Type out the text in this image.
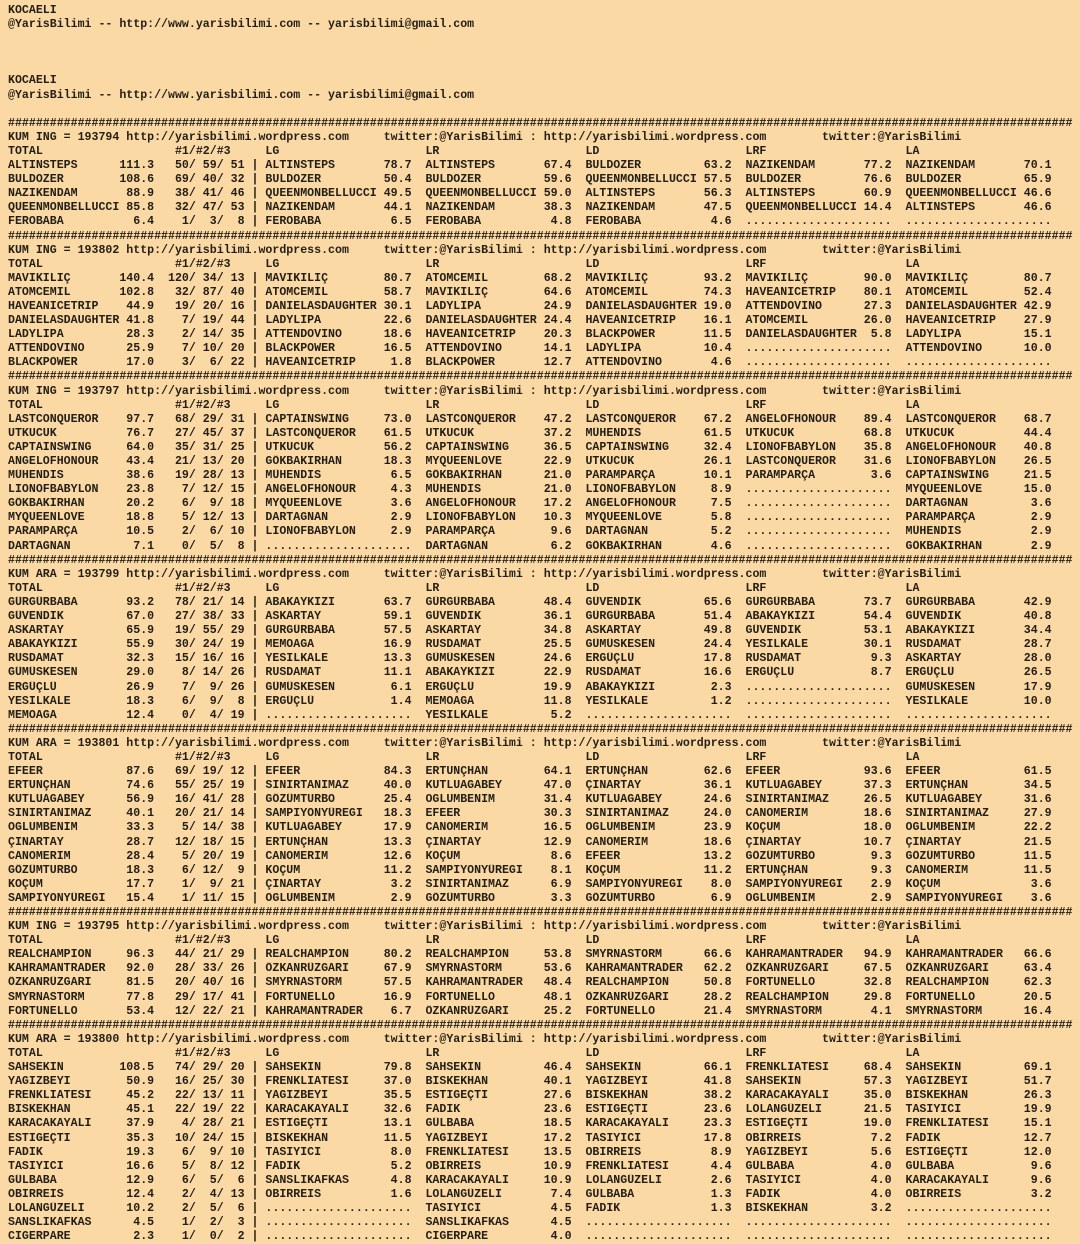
KOCAELI
@YarisBilimi -- http://www.yarisbilimi.com -- yarisbilimi@gmail.com
KOCAELI
@YarisBilimi -- http://www.yarisbilimi.com -- yarisbilimi@gmail.com
#########################################################################################################################################################
KUM ING = 193794 http://yarisbilimi.wordpress.com     twitter:@YarisBilimi : http://yarisbilimi.wordpress.com        twitter:@YarisBilimi
TOTAL                   #1/#2/#3     LG                     LR                     LD                     LRF                    LA
ALTINSTEPS      111.3   50/ 59/ 51 | ALTINSTEPS       78.7  ALTINSTEPS       67.4  BULDOZER         63.2  NAZIKENDAM       77.2  NAZIKENDAM       70.1
BULDOZER        108.6   69/ 40/ 32 | BULDOZER         50.4  BULDOZER         59.6  QUEENMONBELLUCCI 57.5  BULDOZER         76.6  BULDOZER         65.9
NAZIKENDAM       88.9   38/ 41/ 46 | QUEENMONBELLUCCI 49.5  QUEENMONBELLUCCI 59.0  ALTINSTEPS       56.3  ALTINSTEPS       60.9  QUEENMONBELLUCCI 46.6
QUEENMONBELLUCCI 85.8   32/ 47/ 53 | NAZIKENDAM       44.1  NAZIKENDAM       38.3  NAZIKENDAM       47.5  QUEENMONBELLUCCI 14.4  ALTINSTEPS       46.6
FEROBABA          6.4    1/  3/  8 | FEROBABA          6.5  FEROBABA          4.8  FEROBABA          4.6  .....................  .....................
#########################################################################################################################################################
KUM ING = 193802 http://yarisbilimi.wordpress.com     twitter:@YarisBilimi : http://yarisbilimi.wordpress.com        twitter:@YarisBilimi
TOTAL                   #1/#2/#3     LG                     LR                     LD                     LRF                    LA
MAVIKILIÇ       140.4  120/ 34/ 13 | MAVIKILIÇ        80.7  ATOMCEMIL        68.2  MAVIKILIÇ        93.2  MAVIKILIÇ        90.0  MAVIKILIÇ        80.7
ATOMCEMIL       102.8   32/ 87/ 40 | ATOMCEMIL        58.7  MAVIKILIÇ        64.6  ATOMCEMIL        74.3  HAVEANICETRIP    80.1  ATOMCEMIL        52.4
HAVEANICETRIP    44.9   19/ 20/ 16 | DANIELASDAUGHTER 30.1  LADYLIPA         24.9  DANIELASDAUGHTER 19.0  ATTENDOVINO      27.3  DANIELASDAUGHTER 42.9
DANIELASDAUGHTER 41.8    7/ 19/ 44 | LADYLIPA         22.6  DANIELASDAUGHTER 24.4  HAVEANICETRIP    16.1  ATOMCEMIL        26.0  HAVEANICETRIP    27.9
LADYLIPA         28.3    2/ 14/ 35 | ATTENDOVINO      18.6  HAVEANICETRIP    20.3  BLACKPOWER       11.5  DANIELASDAUGHTER  5.8  LADYLIPA         15.1
ATTENDOVINO      25.9    7/ 10/ 20 | BLACKPOWER       16.5  ATTENDOVINO      14.1  LADYLIPA         10.4  .....................  ATTENDOVINO      10.0
BLACKPOWER       17.0    3/  6/ 22 | HAVEANICETRIP     1.8  BLACKPOWER       12.7  ATTENDOVINO       4.6  .....................  .....................
#########################################################################################################################################################
KUM ING = 193797 http://yarisbilimi.wordpress.com     twitter:@YarisBilimi : http://yarisbilimi.wordpress.com        twitter:@YarisBilimi
TOTAL                   #1/#2/#3     LG                     LR                     LD                     LRF                    LA
LASTCONQUEROR    97.7   68/ 29/ 31 | CAPTAINSWING     73.0  LASTCONQUEROR    47.2  LASTCONQUEROR    67.2  ANGELOFHONOUR    89.4  LASTCONQUEROR    68.7
UTKUCUK          76.7   27/ 45/ 37 | LASTCONQUEROR    61.5  UTKUCUK          37.2  MÜHENDIS         61.5  UTKUCUK          68.8  UTKUCUK          44.4
CAPTAINSWING     64.0   35/ 31/ 25 | UTKUCUK          56.2  CAPTAINSWING     36.5  CAPTAINSWING     32.4  LIONOFBABYLON    35.8  ANGELOFHONOUR    40.8
ANGELOFHONOUR    43.4   21/ 13/ 20 | GÖKBAKIRHAN      18.3  MYQUEENLOVE      22.9  UTKUCUK          26.1  LASTCONQUEROR    31.6  LIONOFBABYLON    26.5
MÜHENDIS         38.6   19/ 28/ 13 | MÜHENDIS          6.5  GÖKBAKIRHAN      21.0  PARAMPARÇA       10.1  PARAMPARÇA        3.6  CAPTAINSWING     21.5
LIONOFBABYLON    23.8    7/ 12/ 15 | ANGELOFHONOUR     4.3  MÜHENDIS         21.0  LIONOFBABYLON     8.9  .....................  MYQUEENLOVE      15.0
GÖKBAKIRHAN      20.2    6/  9/ 18 | MYQUEENLOVE       3.6  ANGELOFHONOUR    17.2  ANGELOFHONOUR     7.5  .....................  DARTAGNAN         3.6
MYQUEENLOVE      18.8    5/ 12/ 13 | DARTAGNAN         2.9  LIONOFBABYLON    10.3  MYQUEENLOVE       5.8  .....................  PARAMPARÇA        2.9
PARAMPARÇA       10.5    2/  6/ 10 | LIONOFBABYLON     2.9  PARAMPARÇA        9.6  DARTAGNAN         5.2  .....................  MÜHENDIS          2.9
DARTAGNAN         7.1    0/  5/  8 | .....................  DARTAGNAN         6.2  GÖKBAKIRHAN       4.6  .....................  GÖKBAKIRHAN       2.9
#########################################################################################################################################################
KUM ARA = 193799 http://yarisbilimi.wordpress.com     twitter:@YarisBilimi : http://yarisbilimi.wordpress.com        twitter:@YarisBilimi
TOTAL                   #1/#2/#3     LG                     LR                     LD                     LRF                    LA
GÜRGÜRBABA       93.2   78/ 21/ 14 | ABAKAYKIZI       63.7  GÜRGÜRBABA       48.4  GÜVENDIK         65.6  GÜRGÜRBABA       73.7  GÜRGÜRBABA       42.9
GÜVENDIK         67.0   27/ 38/ 33 | ASKARTAY         59.1  GÜVENDIK         36.1  GÜRGÜRBABA       51.4  ABAKAYKIZI       54.4  GÜVENDIK         40.8
ASKARTAY         65.9   19/ 55/ 29 | GÜRGÜRBABA       57.5  ASKARTAY         34.8  ASKARTAY         49.8  GÜVENDIK         53.1  ABAKAYKIZI       34.4
ABAKAYKIZI       55.9   30/ 24/ 19 | MEMOAGA          16.9  RUSDAMAT         25.5  GÜMÜSKESEN       24.4  YESILKALE        30.1  RUSDAMAT         28.7
RUSDAMAT         32.3   15/ 16/ 16 | YESILKALE        13.3  GÜMÜSKESEN       24.6  ERGÜÇLÜ          17.8  RUSDAMAT          9.3  ASKARTAY         28.0
GÜMÜSKESEN       29.0    8/ 14/ 26 | RUSDAMAT         11.1  ABAKAYKIZI       22.9  RUSDAMAT         16.6  ERGÜÇLÜ           8.7  ERGÜÇLÜ          26.5
ERGÜÇLÜ          26.9    7/  9/ 26 | GÜMÜSKESEN        6.1  ERGÜÇLÜ          19.9  ABAKAYKIZI        2.3  .....................  GÜMÜSKESEN       17.9
YESILKALE        18.3    6/  9/  8 | ERGÜÇLÜ           1.4  MEMOAGA          11.8  YESILKALE         1.2  .....................  YESILKALE        10.0
MEMOAGA          12.4    0/  4/ 19 | .....................  YESILKALE         5.2  .....................  .....................  .....................
#########################################################################################################################################################
KUM ARA = 193801 http://yarisbilimi.wordpress.com     twitter:@YarisBilimi : http://yarisbilimi.wordpress.com        twitter:@YarisBilimi
TOTAL                   #1/#2/#3     LG                     LR                     LD                     LRF                    LA
EFEER            87.6   69/ 19/ 12 | EFEER            84.3  ERTUNÇHAN        64.1  ERTUNÇHAN        62.6  EFEER            93.6  EFEER            61.5
ERTUNÇHAN        74.6   55/ 25/ 19 | SINIRTANIMAZ     40.0  KUTLUAGABEY      47.0  ÇINARTAY         36.1  KUTLUAGABEY      37.3  ERTUNÇHAN        34.5
KUTLUAGABEY      56.9   16/ 41/ 28 | GÖZÜMTURBO       25.4  OGLUMBENIM       31.4  KUTLUAGABEY      24.6  SINIRTANIMAZ     26.5  KUTLUAGABEY      31.6
SINIRTANIMAZ     40.1   20/ 21/ 14 | SAMPIYONYÜREGI   18.3  EFEER            30.3  SINIRTANIMAZ     24.0  CANOMERIM        18.6  SINIRTANIMAZ     27.9
OGLUMBENIM       33.3    5/ 14/ 38 | KUTLUAGABEY      17.9  CANOMERIM        16.5  OGLUMBENIM       23.9  KOÇUM            18.0  OGLUMBENIM       22.2
ÇINARTAY         28.7   12/ 18/ 15 | ERTUNÇHAN        13.3  ÇINARTAY         12.9  CANOMERIM        18.6  ÇINARTAY         10.7  ÇINARTAY         21.5
CANOMERIM        28.4    5/ 20/ 19 | CANOMERIM        12.6  KOÇUM             8.6  EFEER            13.2  GÖZÜMTURBO        9.3  GÖZÜMTURBO       11.5
GÖZÜMTURBO       18.3    6/ 12/  9 | KOÇUM            11.2  SAMPIYONYÜREGI    8.1  KOÇUM            11.2  ERTUNÇHAN         9.3  CANOMERIM        11.5
KOÇUM            17.7    1/  9/ 21 | ÇINARTAY          3.2  SINIRTANIMAZ      6.9  SAMPIYONYÜREGI    8.0  SAMPIYONYÜREGI    2.9  KOÇUM             3.6
SAMPIYONYÜREGI   15.4    1/ 11/ 15 | OGLUMBENIM        2.9  GÖZÜMTURBO        3.3  GÖZÜMTURBO        6.9  OGLUMBENIM        2.9  SAMPIYONYÜREGI    3.6
#########################################################################################################################################################
KUM ING = 193795 http://yarisbilimi.wordpress.com     twitter:@YarisBilimi : http://yarisbilimi.wordpress.com        twitter:@YarisBilimi
TOTAL                   #1/#2/#3     LG                     LR                     LD                     LRF                    LA
REALCHAMPION     96.3   44/ 21/ 29 | REALCHAMPION     80.2  REALCHAMPION     53.8  SMYRNASTORM      66.6  KAHRAMANTRADER   94.9  KAHRAMANTRADER   66.6
KAHRAMANTRADER   92.0   28/ 33/ 26 | ÖZKANRÜZGARI     67.9  SMYRNASTORM      53.6  KAHRAMANTRADER   62.2  ÖZKANRÜZGARI     67.5  ÖZKANRÜZGARI     63.4
ÖZKANRÜZGARI     81.5   20/ 40/ 16 | SMYRNASTORM      57.5  KAHRAMANTRADER   48.4  REALCHAMPION     50.8  FORTUNELLO       32.8  REALCHAMPION     62.3
SMYRNASTORM      77.8   29/ 17/ 41 | FORTUNELLO       16.9  FORTUNELLO       48.1  ÖZKANRÜZGARI     28.2  REALCHAMPION     29.8  FORTUNELLO       20.5
FORTUNELLO       53.4   12/ 22/ 21 | KAHRAMANTRADER    6.7  ÖZKANRÜZGARI     25.2  FORTUNELLO       21.4  SMYRNASTORM       4.1  SMYRNASTORM      16.4
#########################################################################################################################################################
KUM ARA = 193800 http://yarisbilimi.wordpress.com     twitter:@YarisBilimi : http://yarisbilimi.wordpress.com        twitter:@YarisBilimi
TOTAL                   #1/#2/#3     LG                     LR                     LD                     LRF                    LA
SAHSEKIN        108.5   74/ 29/ 20 | SAHSEKIN         79.8  SAHSEKIN         46.4  SAHSEKIN         66.1  FRENKLIATESI     68.4  SAHSEKIN         69.1
YAGIZBEYI        50.9   16/ 25/ 30 | FRENKLIATESI     37.0  BISKEKHAN        40.1  YAGIZBEYI        41.8  SAHSEKIN         57.3  YAGIZBEYI        51.7
FRENKLIATESI     45.2   22/ 13/ 11 | YAGIZBEYI        35.5  ESTIGEÇTI        27.6  BISKEKHAN        38.2  KARACAKAYALI     35.0  BISKEKHAN        26.3
BISKEKHAN        45.1   22/ 19/ 22 | KARACAKAYALI     32.6  FADIK            23.6  ESTIGEÇTI        23.6  LOLANGÜZELI      21.5  TASIYICI         19.9
KARACAKAYALI     37.9    4/ 28/ 21 | ESTIGEÇTI        13.1  GÜLBABA          18.5  KARACAKAYALI     23.3  ESTIGEÇTI        19.0  FRENKLIATESI     15.1
ESTIGEÇTI        35.3   10/ 24/ 15 | BISKEKHAN        11.5  YAGIZBEYI        17.2  TASIYICI         17.8  OBIRREIS          7.2  FADIK            12.7
FADIK            19.3    6/  9/ 10 | TASIYICI          8.0  FRENKLIATESI     13.5  OBIRREIS          8.9  YAGIZBEYI         5.6  ESTIGEÇTI        12.0
TASIYICI         16.6    5/  8/ 12 | FADIK             5.2  OBIRREIS         10.9  FRENKLIATESI      4.4  GÜLBABA           4.0  GÜLBABA           9.6
GÜLBABA          12.9    6/  5/  6 | SANSLIKAFKAS      4.8  KARACAKAYALI     10.9  LOLANGÜZELI       2.6  TASIYICI          4.0  KARACAKAYALI      9.6
OBIRREIS         12.4    2/  4/ 13 | OBIRREIS          1.6  LOLANGÜZELI       7.4  GÜLBABA           1.3  FADIK             4.0  OBIRREIS          3.2
LOLANGÜZELI      10.2    2/  5/  6 | .....................  TASIYICI          4.5  FADIK             1.3  BISKEKHAN         3.2  .....................
SANSLIKAFKAS      4.5    1/  2/  3 | .....................  SANSLIKAFKAS      4.5  .....................  .....................  .....................
CIGERPARE         2.3    1/  0/  2 | .....................  CIGERPARE         4.0  .....................  .....................  .....................
